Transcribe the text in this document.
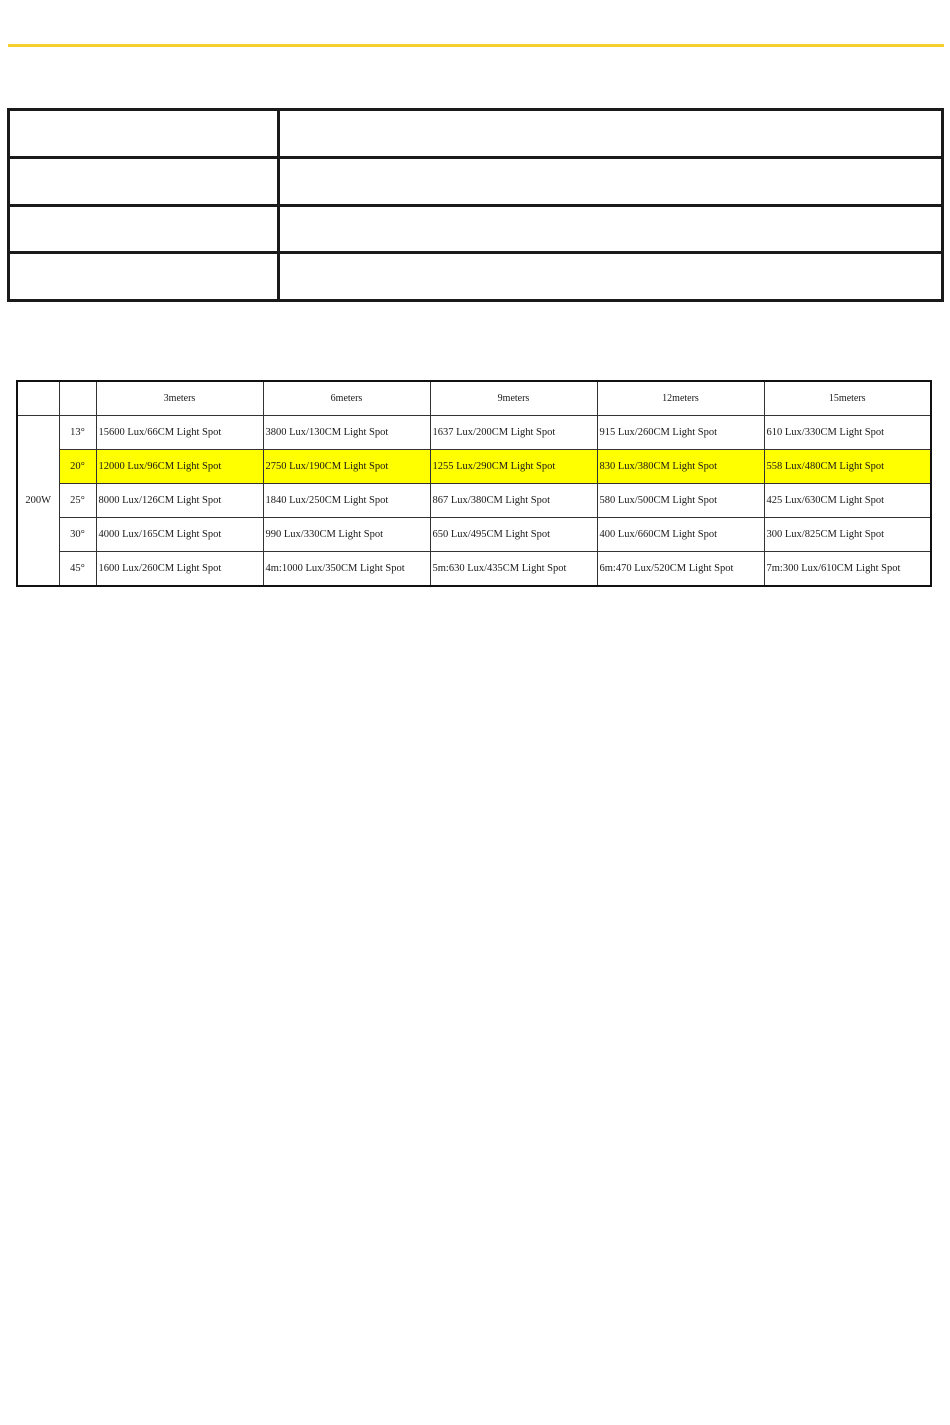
		3meters	6meters	9meters	12meters	15meters
200W	13°	15600 Lux/66CM Light Spot	3800 Lux/130CM Light Spot	1637 Lux/200CM Light Spot	915 Lux/260CM Light Spot	610 Lux/330CM Light Spot
	20°	12000 Lux/96CM Light Spot	2750 Lux/190CM Light Spot	1255 Lux/290CM Light Spot	830 Lux/380CM Light Spot	558 Lux/480CM Light Spot
	25°	8000 Lux/126CM Light Spot	1840 Lux/250CM Light Spot	867 Lux/380CM Light Spot	580 Lux/500CM Light Spot	425 Lux/630CM Light Spot
	30°	4000 Lux/165CM Light Spot	990 Lux/330CM Light Spot	650 Lux/495CM Light Spot	400 Lux/660CM Light Spot	300 Lux/825CM Light Spot
	45°	1600 Lux/260CM Light Spot	4m:1000 Lux/350CM Light Spot	5m:630 Lux/435CM Light Spot	6m:470 Lux/520CM Light Spot	7m:300 Lux/610CM Light Spot
